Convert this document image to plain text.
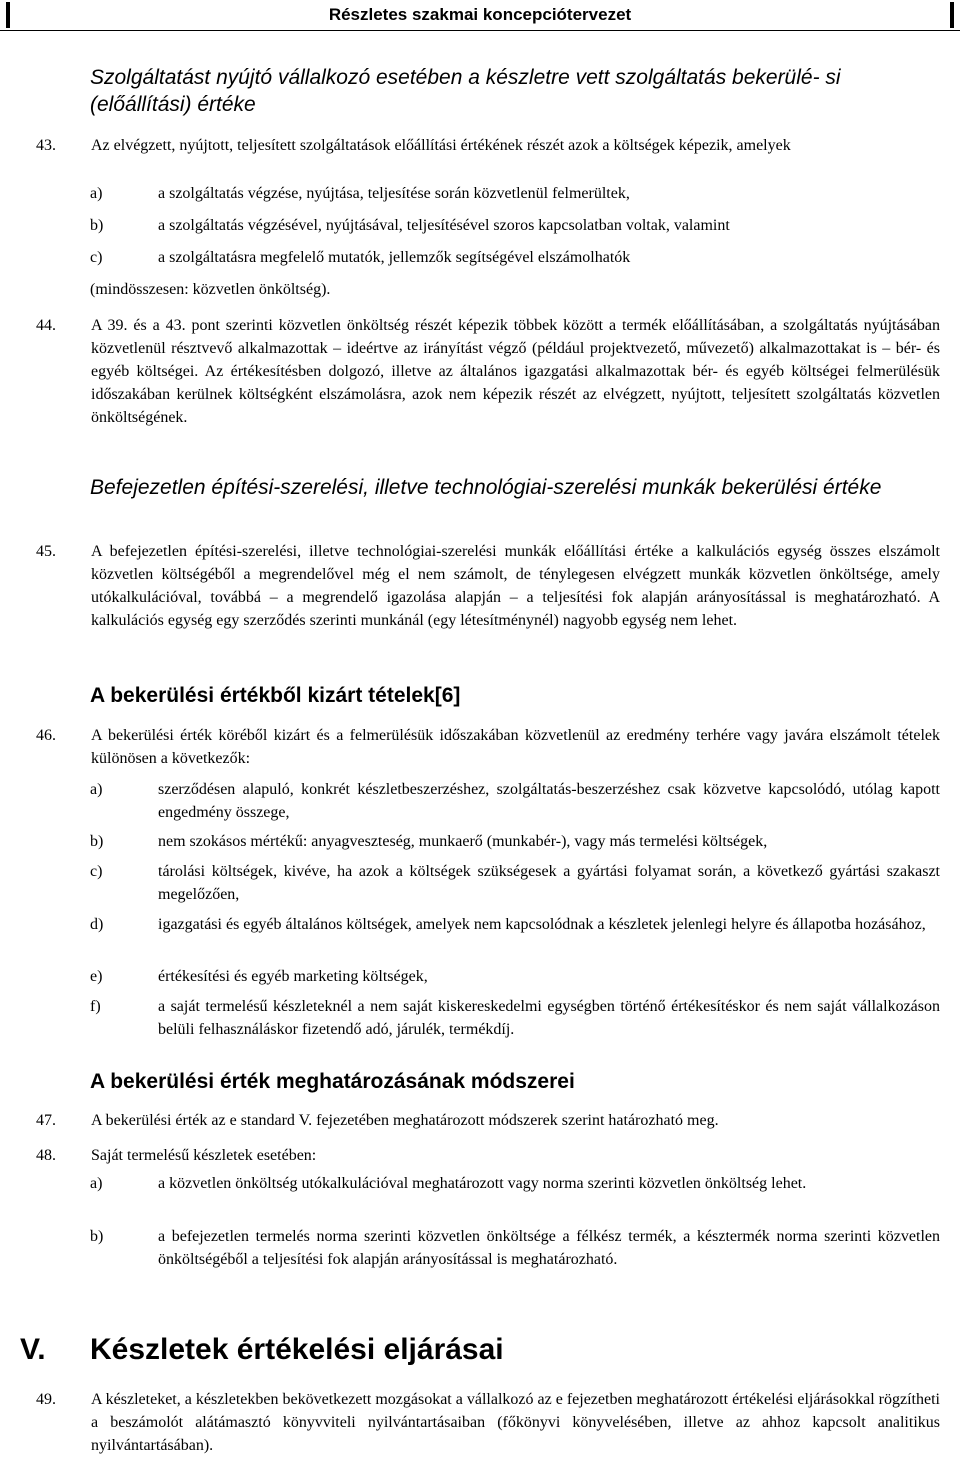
Részletes szakmai koncepciótervezet
Szolgáltatást nyújtó vállalkozó esetében a készletre vett szolgáltatás bekerülé- si (előállítási) értéke
43. Az elvégzett, nyújtott, teljesített szolgáltatások előállítási értékének részét azok a költségek képezik, amelyek
a)	a szolgáltatás végzése, nyújtása, teljesítése során közvetlenül felmerültek,
b)	a szolgáltatás végzésével, nyújtásával, teljesítésével szoros kapcsolatban voltak, valamint
c)	a szolgáltatásra megfelelő mutatók, jellemzők segítségével elszámolhatók
(mindösszesen: közvetlen önköltség).
44. A 39. és a 43. pont szerinti közvetlen önköltség részét képezik többek között a termék előállításában, a szolgáltatás nyújtásában közvetlenül résztvevő alkalmazottak – ideértve az irányítást végző (például projektvezető, művezető) alkalmazottakat is – bér- és egyéb költségei. Az értékesítésben dolgozó, illetve az általános igazgatási alkalmazottak bér- és egyéb költségei felmerülésük időszakában kerülnek költségként elszámolásra, azok nem képezik részét az elvégzett, nyújtott, teljesített szolgáltatás közvetlen önköltségének.
Befejezetlen építési-szerelési, illetve technológiai-szerelési munkák bekerülési értéke
45. A befejezetlen építési-szerelési, illetve technológiai-szerelési munkák előállítási értéke a kalkulációs egység összes elszámolt közvetlen költségéből a megrendelővel még el nem számolt, de ténylegesen elvégzett munkák közvetlen önköltsége, amely utókalkulációval, továbbá – a megrendelő igazolása alapján – a teljesítési fok alapján arányosítással is meghatározható. A kalkulációs egység egy szerződés szerinti munkánál (egy létesítménynél) nagyobb egység nem lehet.
A bekerülési értékből kizárt tételek[6]
46. A bekerülési érték köréből kizárt és a felmerülésük időszakában közvetlenül az eredmény terhére vagy javára elszámolt tételek különösen a következők:
a)	szerződésen alapuló, konkrét készletbeszerzéshez, szolgáltatás-beszerzéshez csak közvetve kapcsolódó, utólag kapott engedmény összege,
b)	nem szokásos mértékű: anyagveszteség, munkaerő (munkabér-), vagy más termelési költségek,
c)	tárolási költségek, kivéve, ha azok a költségek szükségesek a gyártási folyamat során, a következő gyártási szakaszt megelőzően,
d)	igazgatási és egyéb általános költségek, amelyek nem kapcsolódnak a készletek jelenlegi helyre és állapotba hozásához,
e)	értékesítési és egyéb marketing költségek,
f)	a saját termelésű készleteknél a nem saját kiskereskedelmi egységben történő értékesítéskor és nem saját vállalkozáson belüli felhasználáskor fizetendő adó, járulék, termékdíj.
A bekerülési érték meghatározásának módszerei
47. A bekerülési érték az e standard V. fejezetében meghatározott módszerek szerint határozható meg.
48. Saját termelésű készletek esetében:
a)	a közvetlen önköltség utókalkulációval meghatározott vagy norma szerinti közvetlen önköltség lehet.
b)	a befejezetlen termelés norma szerinti közvetlen önköltsége a félkész termék, a késztermék norma szerinti közvetlen önköltségéből a teljesítési fok alapján arányosítással is meghatározható.
V. Készletek értékelési eljárásai
49. A készleteket, a készletekben bekövetkezett mozgásokat a vállalkozó az e fejezetben meghatározott értékelési eljárásokkal rögzítheti a beszámolót alátámasztó könyvviteli nyilvántartásaiban (főkönyvi könyvelésében, illetve az ahhoz kapcsolt analitikus nyilvántartásában).
